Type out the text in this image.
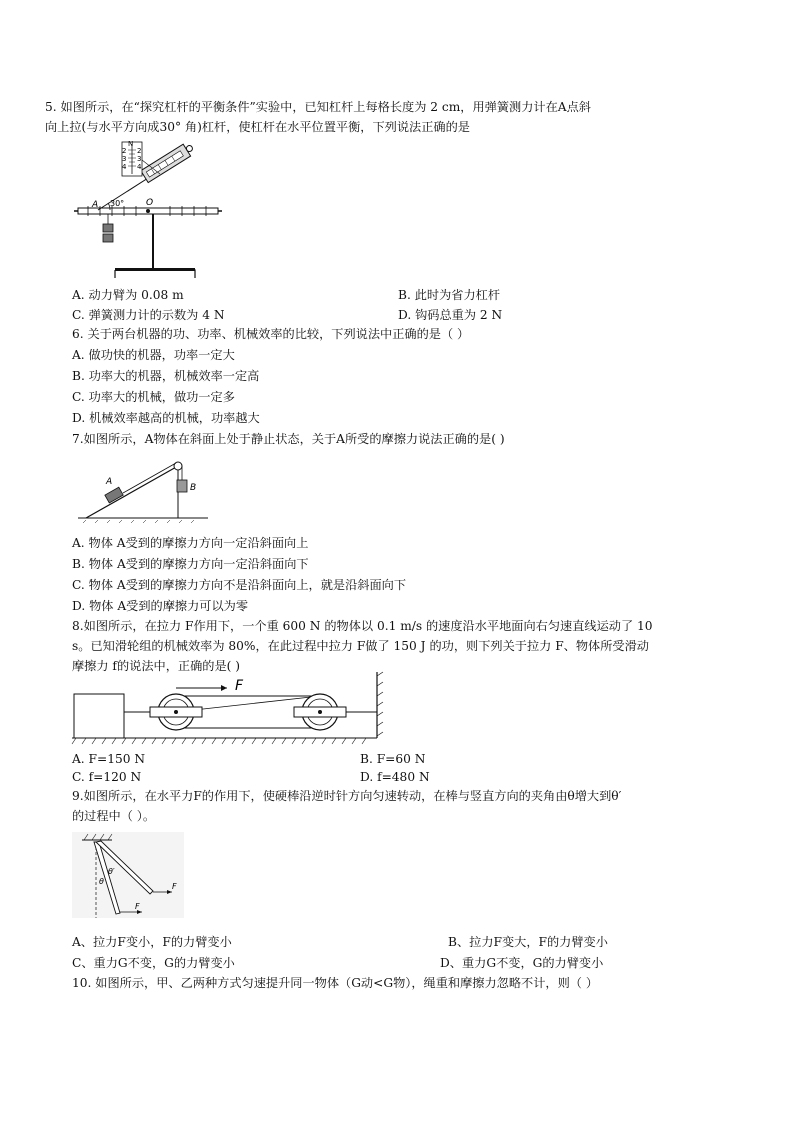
5. 如图所示，在“探究杠杆的平衡条件”实验中，已知杠杆上每格长度为 2 cm，用弹簧测力计在A点斜
向上拉(与水平方向成30° 角)杠杆，使杠杆在水平位置平衡，下列说法正确的是
N
2 2
3 3
4 4
A	O
30°
A. 动力臂为 0.08 m	B. 此时为省力杠杆
C. 弹簧测力计的示数为 4 N	D. 钩码总重为 2 N
6. 关于两台机器的功、功率、机械效率的比较，下列说法中正确的是（ ）
A. 做功快的机器，功率一定大
B. 功率大的机器，机械效率一定高
C. 功率大的机械，做功一定多
D. 机械效率越高的机械，功率越大
7.如图所示，A物体在斜面上处于静止状态，关于A所受的摩擦力说法正确的是( )
A
B
A. 物体 A受到的摩擦力方向一定沿斜面向上
B. 物体 A受到的摩擦力方向一定沿斜面向下
C. 物体 A受到的摩擦力方向不是沿斜面向上，就是沿斜面向下
D. 物体 A受到的摩擦力可以为零
8.如图所示，在拉力 F作用下，一个重 600 N 的物体以 0.1 m/s 的速度沿水平地面向右匀速直线运动了 10
s。已知滑轮组的机械效率为 80%，在此过程中拉力 F做了 150 J 的功，则下列关于拉力 F、物体所受滑动
摩擦力 f的说法中，正确的是( )
F
A. F=150 N	B. F=60 N
C. f=120 N	D. f=480 N
9.如图所示，在水平力F的作用下，使硬棒沿逆时针方向匀速转动，在棒与竖直方向的夹角由θ增大到θ′
的过程中（ ）。
θ
θ′
F
F
A、拉力F变小，F的力臂变小	B、拉力F变大，F的力臂变小
C、重力G不变，G的力臂变小	D、重力G不变，G的力臂变小
10. 如图所示，甲、乙两种方式匀速提升同一物体（G动<G物），绳重和摩擦力忽略不计，则（ ）
